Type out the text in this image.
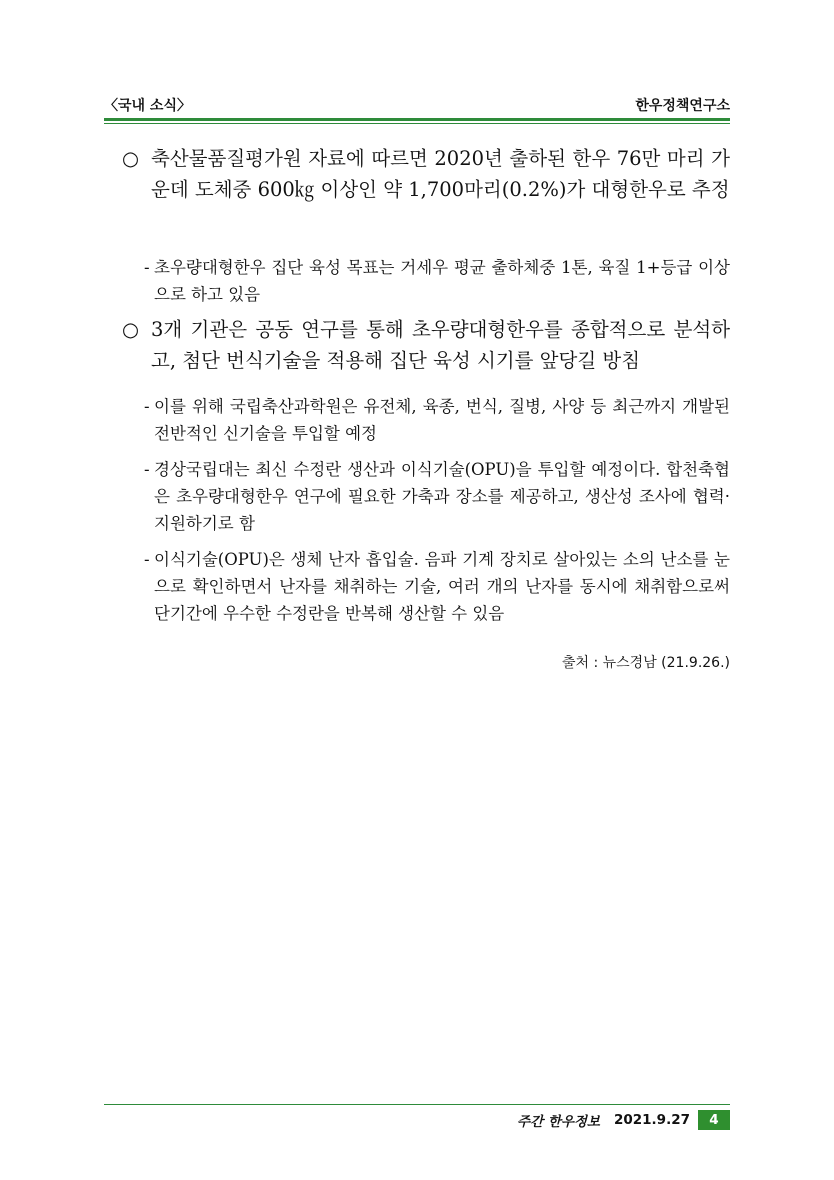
〈국내 소식〉	한우정책연구소
○ 축산물품질평가원 자료에 따르면 2020년 출하된 한우 76만 마리 가운데 도체중 600㎏ 이상인 약 1,700마리(0.2%)가 대형한우로 추정
- 초우량대형한우 집단 육성 목표는 거세우 평균 출하체중 1톤, 육질 1+등급 이상으로 하고 있음
○ 3개 기관은 공동 연구를 통해 초우량대형한우를 종합적으로 분석하고, 첨단 번식기술을 적용해 집단 육성 시기를 앞당길 방침
- 이를 위해 국립축산과학원은 유전체, 육종, 번식, 질병, 사양 등 최근까지 개발된 전반적인 신기술을 투입할 예정
- 경상국립대는 최신 수정란 생산과 이식기술(OPU)을 투입할 예정이다. 합천축협은 초우량대형한우 연구에 필요한 가축과 장소를 제공하고, 생산성 조사에 협력·지원하기로 함
- 이식기술(OPU)은 생체 난자 흡입술. 음파 기계 장치로 살아있는 소의 난소를 눈으로 확인하면서 난자를 채취하는 기술, 여러 개의 난자를 동시에 채취함으로써 단기간에 우수한 수정란을 반복해 생산할 수 있음
출처 : 뉴스경남 (21.9.26.)
주간 한우정보 2021.9.27	4
